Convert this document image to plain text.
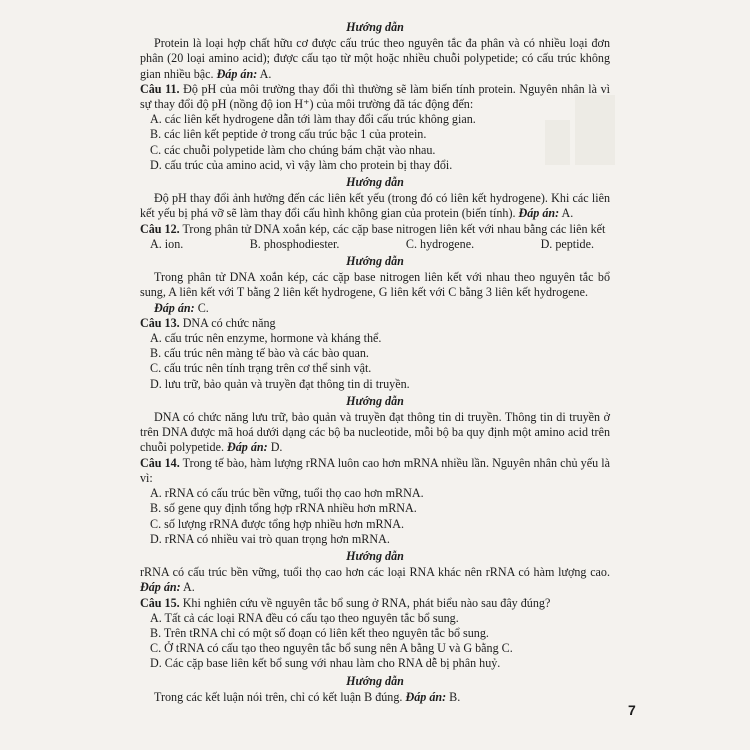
Hướng dẫn

Protein là loại hợp chất hữu cơ được cấu trúc theo nguyên tắc đa phân và có nhiều loại đơn phân (20 loại amino acid); được cấu tạo từ một hoặc nhiều chuỗi polypetide; có cấu trúc không gian nhiều bậc. Đáp án: A.

Câu 11. Độ pH của môi trường thay đổi thì thường sẽ làm biến tính protein. Nguyên nhân là vì sự thay đổi độ pH (nồng độ ion H⁺) của môi trường đã tác động đến:

A. các liên kết hydrogene dẫn tới làm thay đổi cấu trúc không gian.

B. các liên kết peptide ở trong cấu trúc bậc 1 của protein.

C. các chuỗi polypetide làm cho chúng bám chặt vào nhau.

D. cấu trúc của amino acid, vì vậy làm cho protein bị thay đổi.

Hướng dẫn

Độ pH thay đổi ảnh hưởng đến các liên kết yếu (trong đó có liên kết hydrogene). Khi các liên kết yếu bị phá vỡ sẽ làm thay đổi cấu hình không gian của protein (biến tính). Đáp án: A.

Câu 12. Trong phân tử DNA xoắn kép, các cặp base nitrogen liên kết với nhau bằng các liên kết

A. ion.	B. phosphodiester.	C. hydrogene.	D. peptide.

Hướng dẫn

Trong phân tử DNA xoắn kép, các cặp base nitrogen liên kết với nhau theo nguyên tắc bổ sung, A liên kết với T bằng 2 liên kết hydrogene, G liên kết với C bằng 3 liên kết hydrogene.

Đáp án: C.

Câu 13. DNA có chức năng

A. cấu trúc nên enzyme, hormone và kháng thể.

B. cấu trúc nên màng tế bào và các bào quan.

C. cấu trúc nên tính trạng trên cơ thể sinh vật.

D. lưu trữ, bảo quản và truyền đạt thông tin di truyền.

Hướng dẫn

DNA có chức năng lưu trữ, bảo quản và truyền đạt thông tin di truyền. Thông tin di truyền ở trên DNA được mã hoá dưới dạng các bộ ba nucleotide, mỗi bộ ba quy định một amino acid trên chuỗi polypetide. Đáp án: D.

Câu 14. Trong tế bào, hàm lượng rRNA luôn cao hơn mRNA nhiều lần. Nguyên nhân chủ yếu là vì:

A. rRNA có cấu trúc bền vững, tuổi thọ cao hơn mRNA.

B. số gene quy định tổng hợp rRNA nhiều hơn mRNA.

C. số lượng rRNA được tổng hợp nhiều hơn mRNA.

D. rRNA có nhiều vai trò quan trọng hơn mRNA.

Hướng dẫn

rRNA có cấu trúc bền vững, tuổi thọ cao hơn các loại RNA khác nên rRNA có hàm lượng cao. Đáp án: A.

Câu 15. Khi nghiên cứu về nguyên tắc bổ sung ở RNA, phát biểu nào sau đây đúng?

A. Tất cả các loại RNA đều có cấu tạo theo nguyên tắc bổ sung.

B. Trên tRNA chỉ có một số đoạn có liên kết theo nguyên tắc bổ sung.

C. Ở tRNA có cấu tạo theo nguyên tắc bổ sung nên A bằng U và G bằng C.

D. Các cặp base liên kết bổ sung với nhau làm cho RNA dễ bị phân huỷ.

Hướng dẫn

Trong các kết luận nói trên, chỉ có kết luận B đúng. Đáp án: B.

7
